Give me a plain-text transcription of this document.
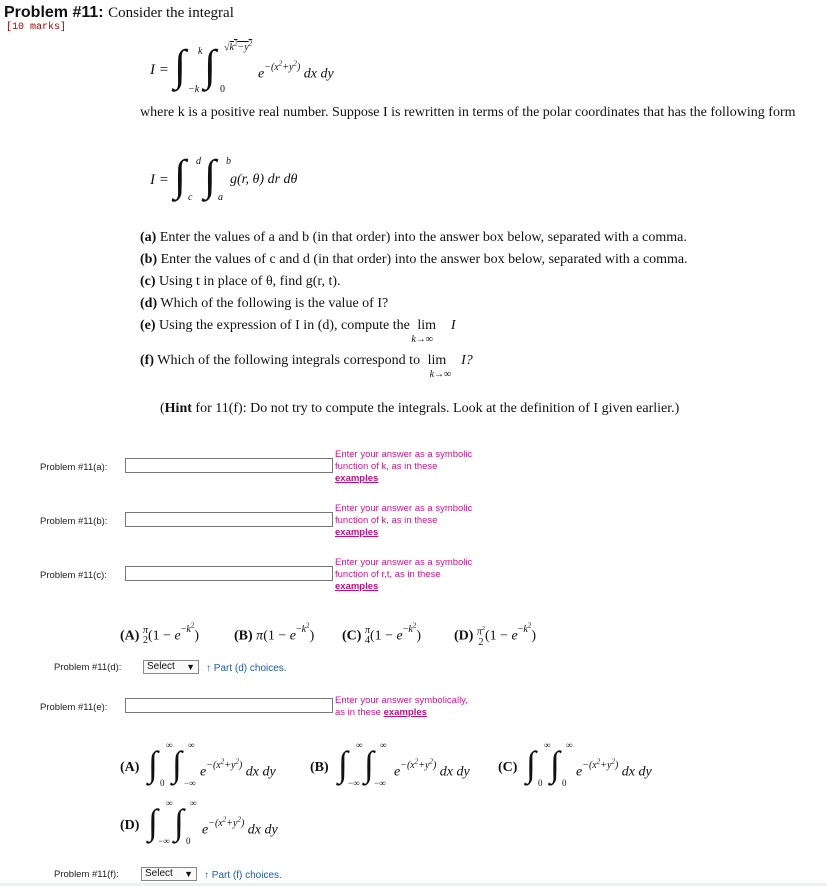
Problem #11: Consider the integral
[10 marks]
I = ∫ k
−k ∫ $√k^2-y^2$
0
$e^{-(x^2+y^2)}$ dx dy
where k is a positive real number. Suppose I is rewritten in terms of the polar coordinates that has the following form
I = ∫ d
c ∫ b
a
g(r, θ) dr dθ
(a) Enter the values of a and b (in that order) into the answer box below, separated with a comma.
(b) Enter the values of c and d (in that order) into the answer box below, separated with a comma.
(c) Using t in place of θ, find g(r, t).
(d) Which of the following is the value of I?
(e) Using the expression of I in (d), compute the lim
k→∞
I
(f) Which of the following integrals correspond to lim
k→∞
I?
(Hint for 11(f): Do not try to compute the integrals. Look at the definition of I given earlier.)
Problem #11(a):
Enter your answer as a symbolic
function of k, as in these
examples
Problem #11(b):
Enter your answer as a symbolic
function of k, as in these
examples
Problem #11(c):
Enter your answer as a symbolic
function of r,t, as in these
examples
(A) π
$2(1 - e^{-k^2})$	(B) $\pi(1 - e^{-k^2})$ (C) π
$4(1 - e^{-k^2})$ (D) $\pi^2$
2 $(1 - e^{-k^2})$
Problem #11(d):	Select ▼ ↑ Part (d) choices.
Problem #11(e):
Enter your answer symbolically,
as in these examples
(A) ∫ ∞
0 ∫ ∞
−∞
$e^{-(x^2+y^2)}$ dx dy (B) ∫ ∞
−∞ ∫ ∞
−∞
$e^{-(x^2+y^2)}$ dx dy (C) ∫ ∞
0 ∫ ∞
0
$e^{-(x^2+y^2)}$ dx dy
(D) ∫ ∞
−∞ ∫ ∞
0
$e^{-(x^2+y^2)}$ dx dy
Problem #11(f):	Select ▼ ↑ Part (f) choices.
